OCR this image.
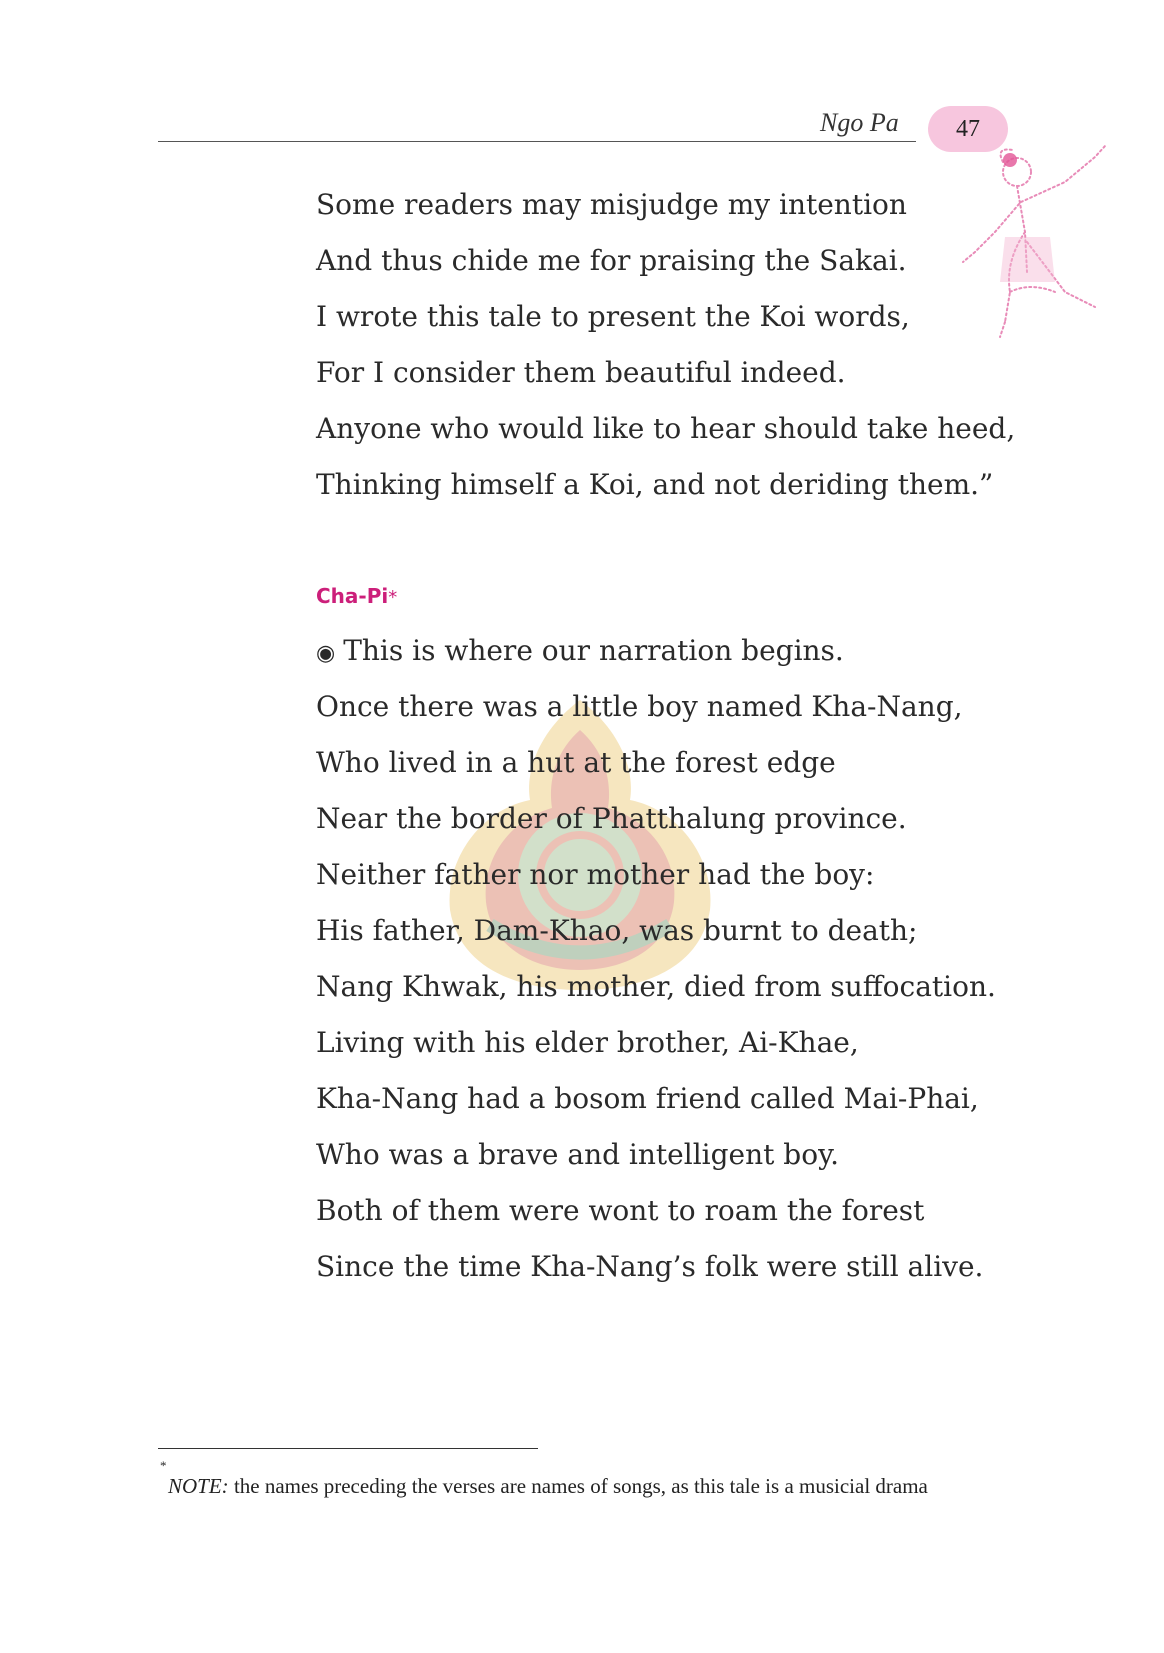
Ngo Pa 47
Some readers may misjudge my intention
And thus chide me for praising the Sakai.
I wrote this tale to present the Koi words,
For I consider them beautiful indeed.
Anyone who would like to hear should take heed,
Thinking himself a Koi, and not deriding them.”
Cha-Pi*
◉ This is where our narration begins.
Once there was a little boy named Kha-Nang,
Who lived in a hut at the forest edge
Near the border of Phatthalung province.
Neither father nor mother had the boy:
His father, Dam-Khao, was burnt to death;
Nang Khwak, his mother, died from suffocation.
Living with his elder brother, Ai-Khae,
Kha-Nang had a bosom friend called Mai-Phai,
Who was a brave and intelligent boy.
Both of them were wont to roam the forest
Since the time Kha-Nang’s folk were still alive.
*
NOTE: the names preceding the verses are names of songs, as this tale is a musicial drama
